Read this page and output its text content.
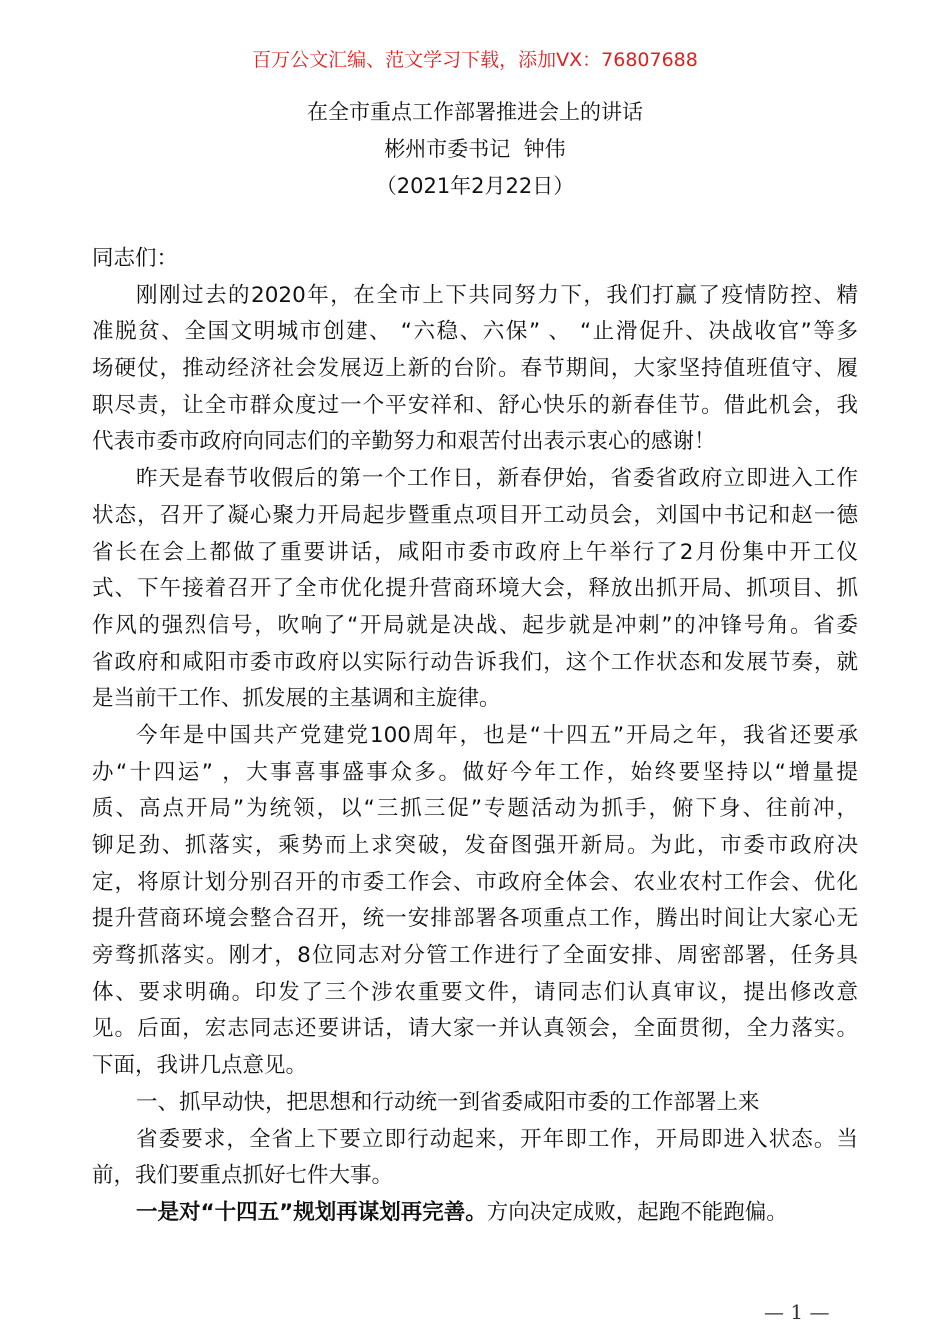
百万公文汇编、范文学习下载，添加VX：76807688
在全市重点工作部署推进会上的讲话
彬州市委书记  钟伟
（2021年2月22日）
同志们：
刚刚过去的2020年，在全市上下共同努力下，我们打赢了疫情防控、精
准脱贫、全国文明城市创建、 “六稳、六保” 、 “止滑促升、决战收官”等多
场硬仗，推动经济社会发展迈上新的台阶。春节期间，大家坚持值班值守、履
职尽责，让全市群众度过一个平安祥和、舒心快乐的新春佳节。借此机会，我
代表市委市政府向同志们的辛勤努力和艰苦付出表示衷心的感谢！
昨天是春节收假后的第一个工作日，新春伊始，省委省政府立即进入工作
状态，召开了凝心聚力开局起步暨重点项目开工动员会，刘国中书记和赵一德
省长在会上都做了重要讲话，咸阳市委市政府上午举行了2月份集中开工仪
式、下午接着召开了全市优化提升营商环境大会，释放出抓开局、抓项目、抓
作风的强烈信号，吹响了“开局就是决战、起步就是冲刺”的冲锋号角。省委
省政府和咸阳市委市政府以实际行动告诉我们，这个工作状态和发展节奏，就
是当前干工作、抓发展的主基调和主旋律。
今年是中国共产党建党100周年，也是“十四五”开局之年，我省还要承
办“十四运” ，大事喜事盛事众多。做好今年工作，始终要坚持以“增量提
质、高点开局”为统领，以“三抓三促”专题活动为抓手，俯下身、往前冲，
铆足劲、抓落实，乘势而上求突破，发奋图强开新局。为此，市委市政府决
定，将原计划分别召开的市委工作会、市政府全体会、农业农村工作会、优化
提升营商环境会整合召开，统一安排部署各项重点工作，腾出时间让大家心无
旁骛抓落实。刚才，8位同志对分管工作进行了全面安排、周密部署，任务具
体、要求明确。印发了三个涉农重要文件，请同志们认真审议，提出修改意
见。后面，宏志同志还要讲话，请大家一并认真领会，全面贯彻，全力落实。
下面，我讲几点意见。
一、抓早动快，把思想和行动统一到省委咸阳市委的工作部署上来
省委要求，全省上下要立即行动起来，开年即工作，开局即进入状态。当
前，我们要重点抓好七件大事。
一是对“十四五”规划再谋划再完善。方向决定成败，起跑不能跑偏。
— 1 —
